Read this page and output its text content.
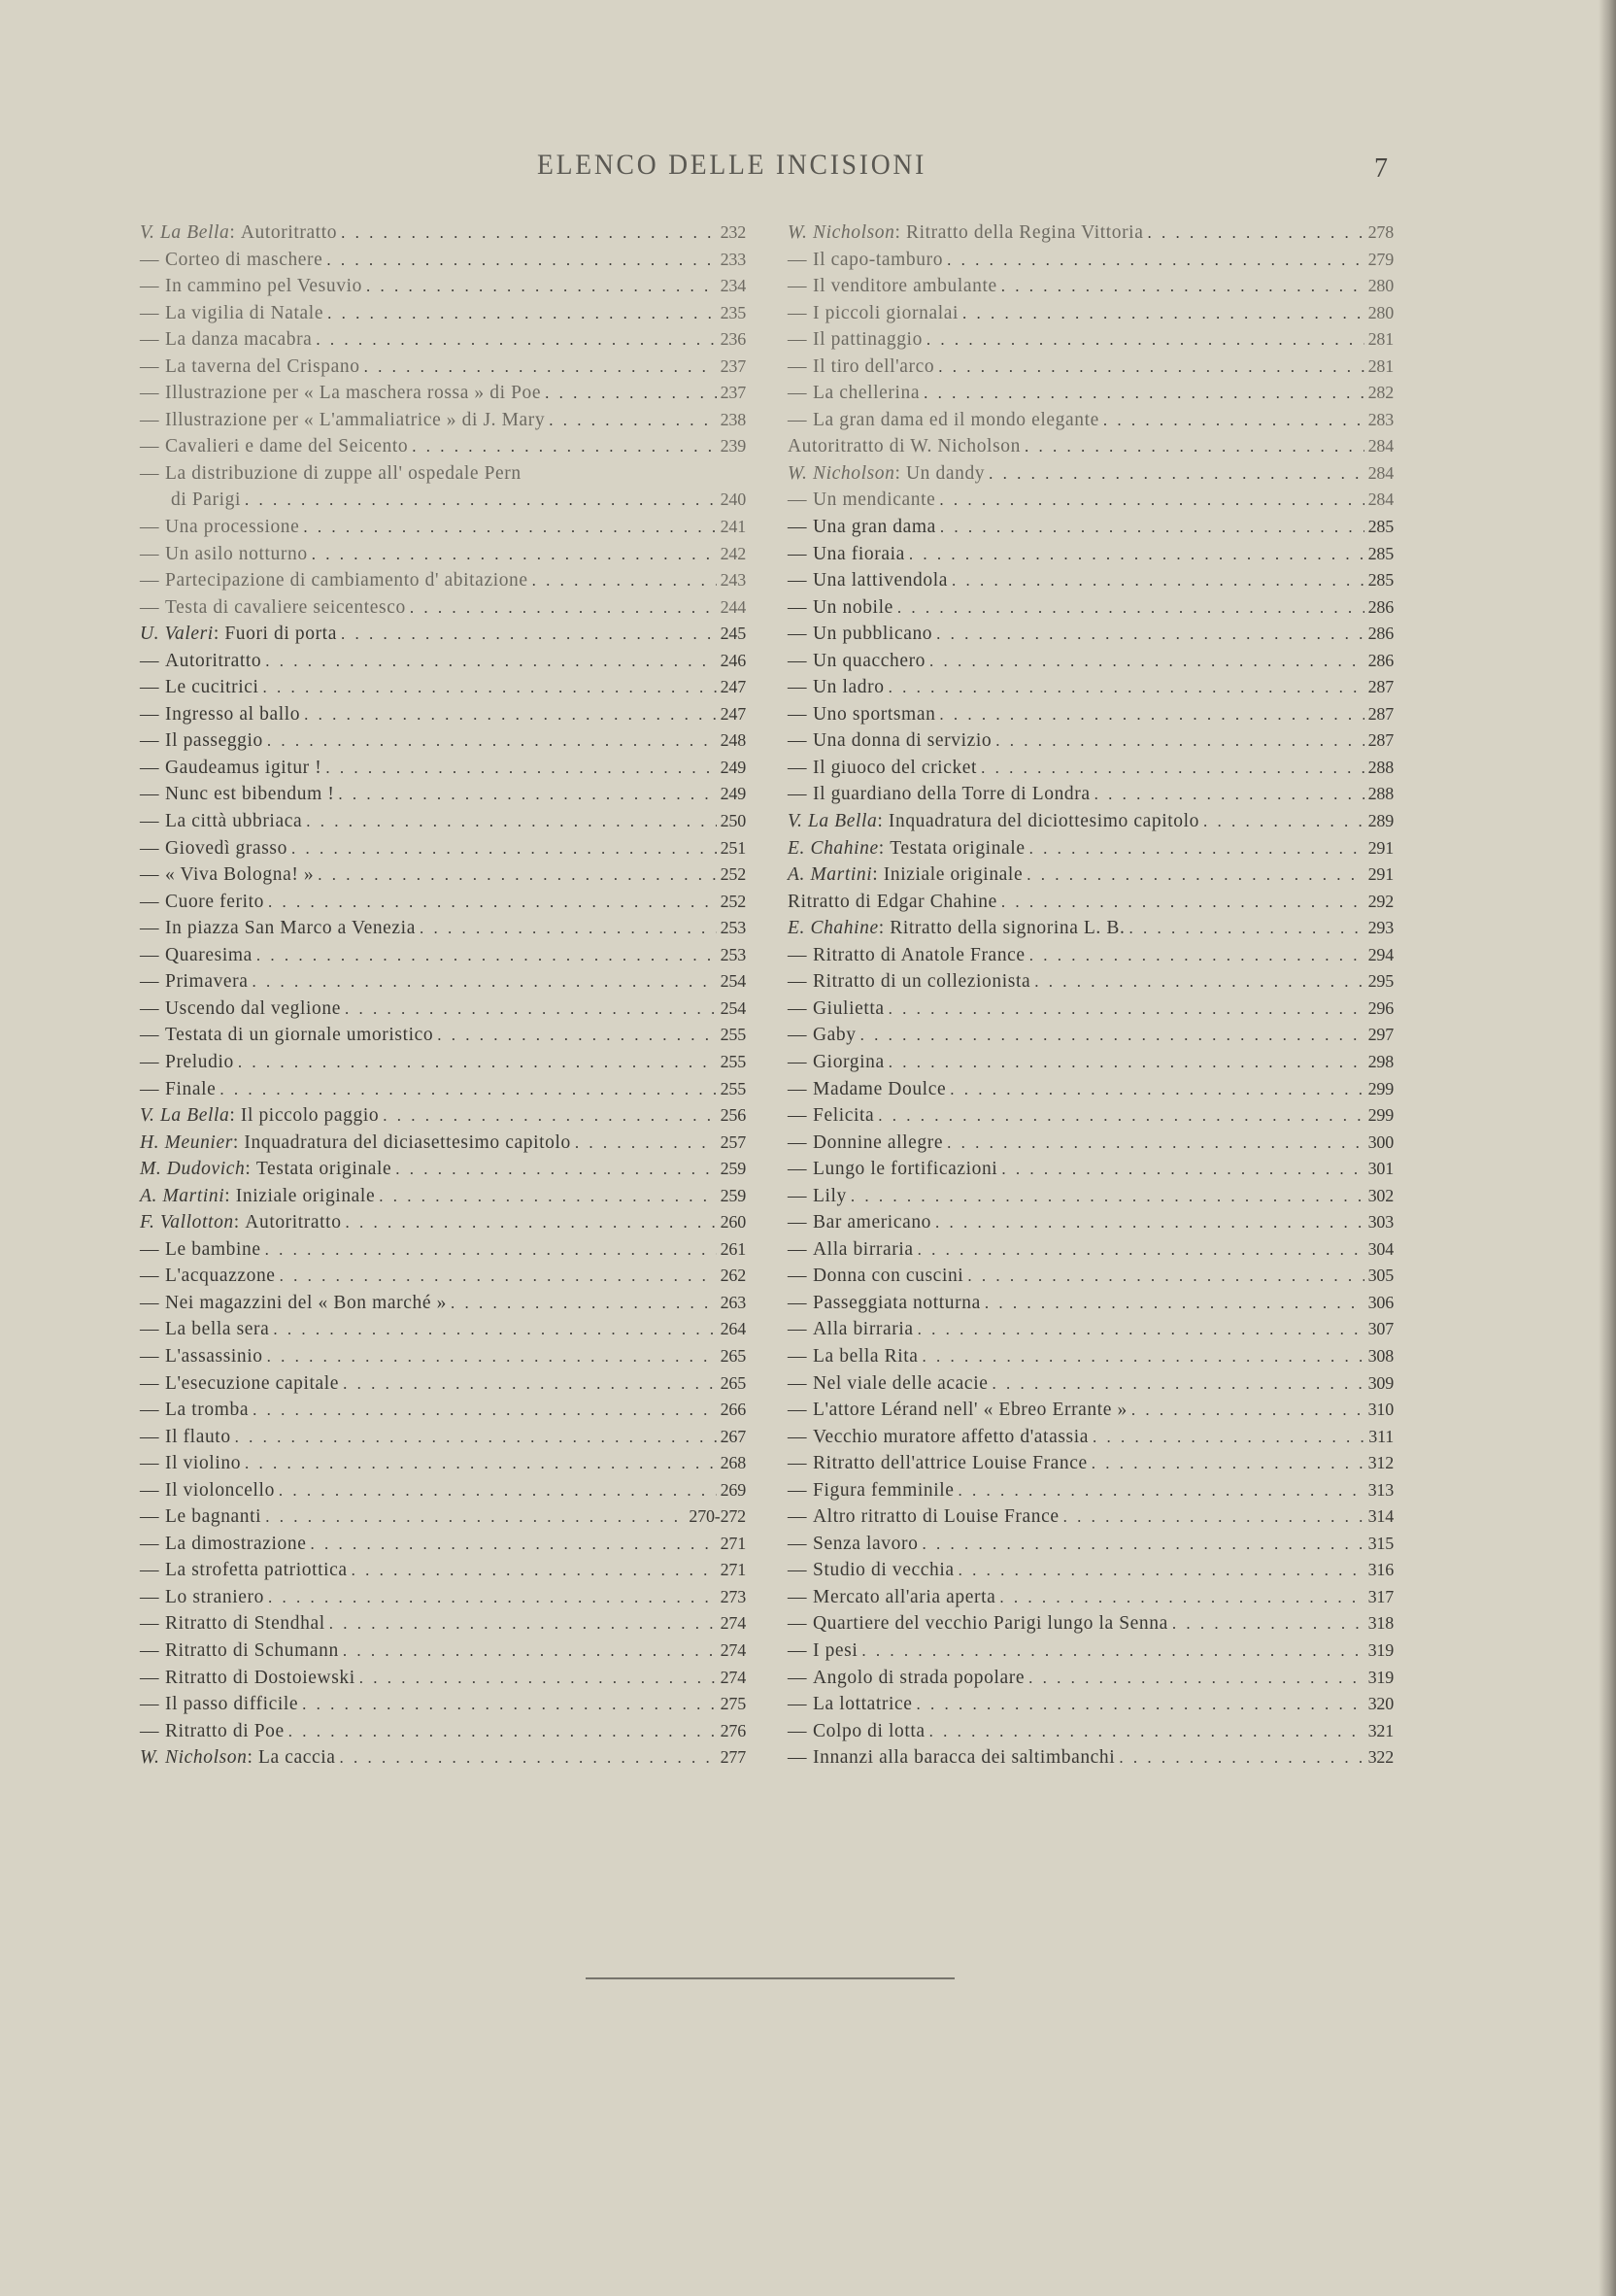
ELENCO DELLE INCISIONI	7
V. La Bella : Autoritratto . . .	232
— Corteo di maschere . . .	233
— In cammino pel Vesuvio . . .	234
— La vigilia di Natale . . .	235
— La danza macabra . . .	236
— La taverna del Crispano . . .	237
— Illustrazione per « La maschera rossa » di Poe . . .	237
— Illustrazione per « L'ammaliatrice » di J. Mary . . .	238
— Cavalieri e dame del Seicento . . .	239
— La distribuzione di zuppe all' ospedale Pern
di Parigi . . .	240
— Una processione . . .	241
— Un asilo notturno . . .	242
— Partecipazione di cambiamento d' abitazione . . .	243
— Testa di cavaliere seicentesco . . .	244
U. Valeri : Fuori di porta . . .	245
— Autoritratto . . .	246
— Le cucitrici . . .	247
— Ingresso al ballo . . .	247
— Il passeggio . . .	248
— Gaudeamus igitur ! . . .	249
— Nunc est bibendum ! . . .	249
— La città ubbriaca . . .	250
— Giovedì grasso . . .	251
— « Viva Bologna! » . . .	252
— Cuore ferito . . .	252
— In piazza San Marco a Venezia . . .	253
— Quaresima . . .	253
— Primavera . . .	254
— Uscendo dal veglione . . .	254
— Testata di un giornale umoristico . . .	255
— Preludio . . .	255
— Finale . . .	255
V. La Bella : Il piccolo paggio . . .	256
H. Meunier : Inquadratura del diciasettesimo capitolo . . .	257
M. Dudovich : Testata originale . . .	259
A. Martini : Iniziale originale . . .	259
F. Vallotton : Autoritratto . . .	260
— Le bambine . . .	261
— L'acquazzone . . .	262
— Nei magazzini del « Bon marché » . . .	263
— La bella sera . . .	264
— L'assassinio . . .	265
— L'esecuzione capitale . . .	265
— La tromba . . .	266
— Il flauto . . .	267
— Il violino . . .	268
— Il violoncello . . .	269
— Le bagnanti . . .	270-272
— La dimostrazione . . .	271
— La strofetta patriottica . . .	271
— Lo straniero . . .	273
— Ritratto di Stendhal . . .	274
— Ritratto di Schumann . . .	274
— Ritratto di Dostoiewski . . .	274
— Il passo difficile . . .	275
— Ritratto di Poe . . .	276
W. Nicholson : La caccia . . .	277
W. Nicholson : Ritratto della Regina Vittoria . . .	278
— Il capo-tamburo . . .	279
— Il venditore ambulante . . .	280
— I piccoli giornalai . . .	280
— Il pattinaggio . . .	281
— Il tiro dell'arco . . .	281
— La chellerina . . .	282
— La gran dama ed il mondo elegante . . .	283
Autoritratto di W. Nicholson . . .	284
W. Nicholson : Un dandy . . .	284
— Un mendicante . . .	284
— Una gran dama . . .	285
— Una fioraia . . .	285
— Una lattivendola . . .	285
— Un nobile . . .	286
— Un pubblicano . . .	286
— Un quacchero . . .	286
— Un ladro . . .	287
— Uno sportsman . . .	287
— Una donna di servizio . . .	287
— Il giuoco del cricket . . .	288
— Il guardiano della Torre di Londra . . .	288
V. La Bella : Inquadratura del diciottesimo capitolo . . .	289
E. Chahine : Testata originale . . .	291
A. Martini : Iniziale originale . . .	291
Ritratto di Edgar Chahine . . .	292
E. Chahine : Ritratto della signorina L. B. . . .	293
— Ritratto di Anatole France . . .	294
— Ritratto di un collezionista . . .	295
— Giulietta . . .	296
— Gaby . . .	297
— Giorgina . . .	298
— Madame Doulce . . .	299
— Felicita . . .	299
— Donnine allegre . . .	300
— Lungo le fortificazioni . . .	301
— Lily . . .	302
— Bar americano . . .	303
— Alla birraria . . .	304
— Donna con cuscini . . .	305
— Passeggiata notturna . . .	306
— Alla birraria . . .	307
— La bella Rita . . .	308
— Nel viale delle acacie . . .	309
— L'attore Lérand nell' « Ebreo Errante » . . .	310
— Vecchio muratore affetto d'atassia . . .	311
— Ritratto dell'attrice Louise France . . .	312
— Figura femminile . . .	313
— Altro ritratto di Louise France . . .	314
— Senza lavoro . . .	315
— Studio di vecchia . . .	316
— Mercato all'aria aperta . . .	317
— Quartiere del vecchio Parigi lungo la Senna . . .	318
— I pesi . . .	319
— Angolo di strada popolare . . .	319
— La lottatrice . . .	320
— Colpo di lotta . . .	321
— Innanzi alla baracca dei saltimbanchi . . .	322
